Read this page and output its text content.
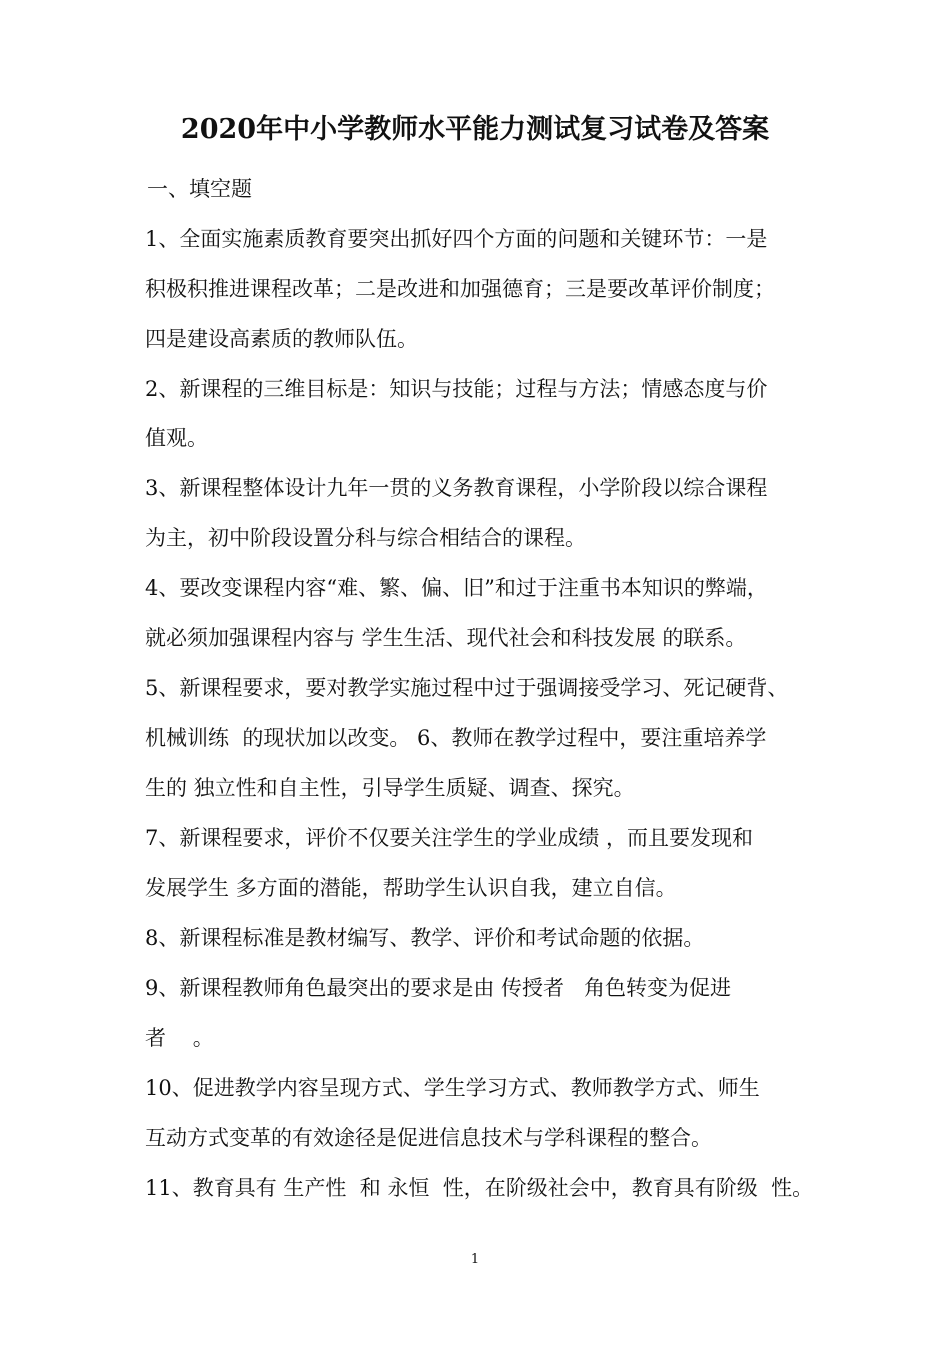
2020年中小学教师水平能力测试复习试卷及答案
一、填空题
1、全面实施素质教育要突出抓好四个方面的问题和关键环节：一是
积极积推进课程改革；二是改进和加强德育；三是要改革评价制度；
四是建设高素质的教师队伍。
2、新课程的三维目标是：知识与技能；过程与方法；情感态度与价
值观。
3、新课程整体设计九年一贯的义务教育课程，小学阶段以综合课程
为主，初中阶段设置分科与综合相结合的课程。
4、要改变课程内容“难、繁、偏、旧”和过于注重书本知识的弊端，
就必须加强课程内容与 学生生活、现代社会和科技发展 的联系。
5、新课程要求，要对教学实施过程中过于强调接受学习、死记硬背、
机械训练  的现状加以改变。 6、教师在教学过程中，要注重培养学
生的 独立性和自主性，引导学生质疑、调查、探究。
7、新课程要求，评价不仅要关注学生的学业成绩 ，而且要发现和
发展学生 多方面的潜能，帮助学生认识自我，建立自信。
8、新课程标准是教材编写、教学、评价和考试命题的依据。
9、新课程教师角色最突出的要求是由 传授者   角色转变为促进
者    。
10、促进教学内容呈现方式、学生学习方式、教师教学方式、师生
互动方式变革的有效途径是促进信息技术与学科课程的整合。
11、教育具有 生产性  和 永恒  性，在阶级社会中，教育具有阶级  性。
1
